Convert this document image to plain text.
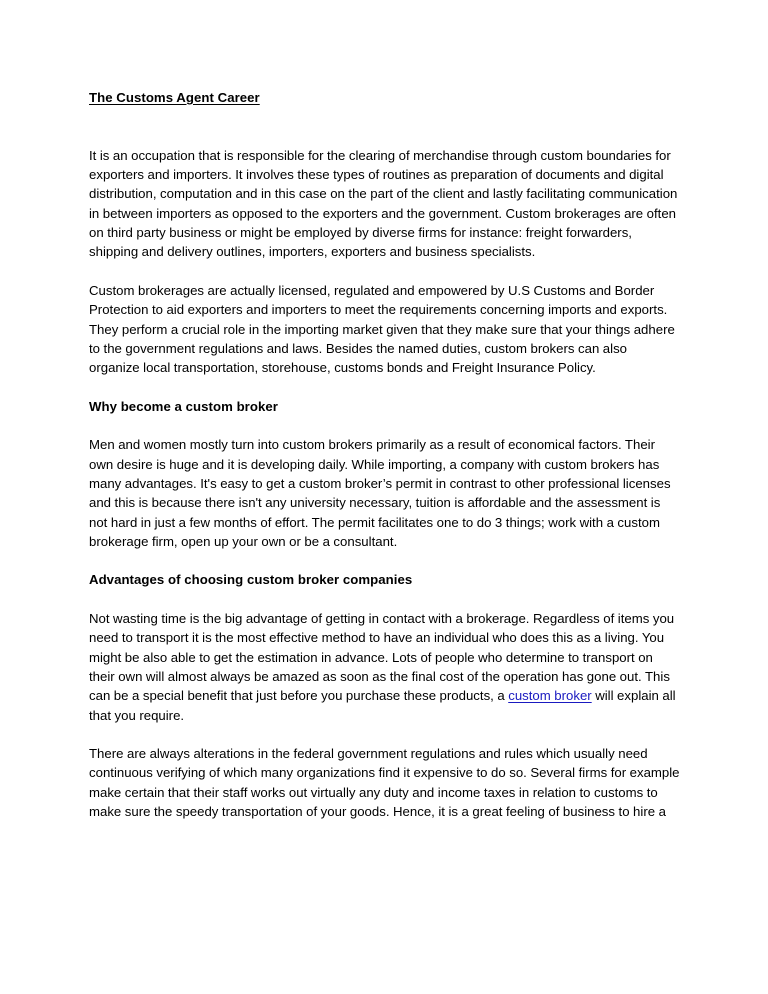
The Customs Agent Career
It is an occupation that is responsible for the clearing of merchandise through custom boundaries for exporters and importers. It involves these types of routines as preparation of documents and digital distribution, computation and in this case on the part of the client and lastly facilitating communication in between importers as opposed to the exporters and the government. Custom brokerages are often on third party business or might be employed by diverse firms for instance: freight forwarders, shipping and delivery outlines, importers, exporters and business specialists.
Custom brokerages are actually licensed, regulated and empowered by U.S Customs and Border Protection to aid exporters and importers to meet the requirements concerning imports and exports. They perform a crucial role in the importing market given that they make sure that your things adhere to the government regulations and laws. Besides the named duties, custom brokers can also organize local transportation, storehouse, customs bonds and Freight Insurance Policy.
Why become a custom broker
Men and women mostly turn into custom brokers primarily as a result of economical factors. Their own desire is huge and it is developing daily. While importing, a company with custom brokers has many advantages. It's easy to get a custom broker’s permit in contrast to other professional licenses and this is because there isn't any university necessary, tuition is affordable and the assessment is not hard in just a few months of effort. The permit facilitates one to do 3 things; work with a custom brokerage firm, open up your own or be a consultant.
Advantages of choosing custom broker companies
Not wasting time is the big advantage of getting in contact with a brokerage. Regardless of items you need to transport it is the most effective method to have an individual who does this as a living. You might be also able to get the estimation in advance. Lots of people who determine to transport on their own will almost always be amazed as soon as the final cost of the operation has gone out. This can be a special benefit that just before you purchase these products, a custom broker will explain all that you require.
There are always alterations in the federal government regulations and rules which usually need continuous verifying of which many organizations find it expensive to do so. Several firms for example make certain that their staff works out virtually any duty and income taxes in relation to customs to make sure the speedy transportation of your goods. Hence, it is a great feeling of business to hire a
